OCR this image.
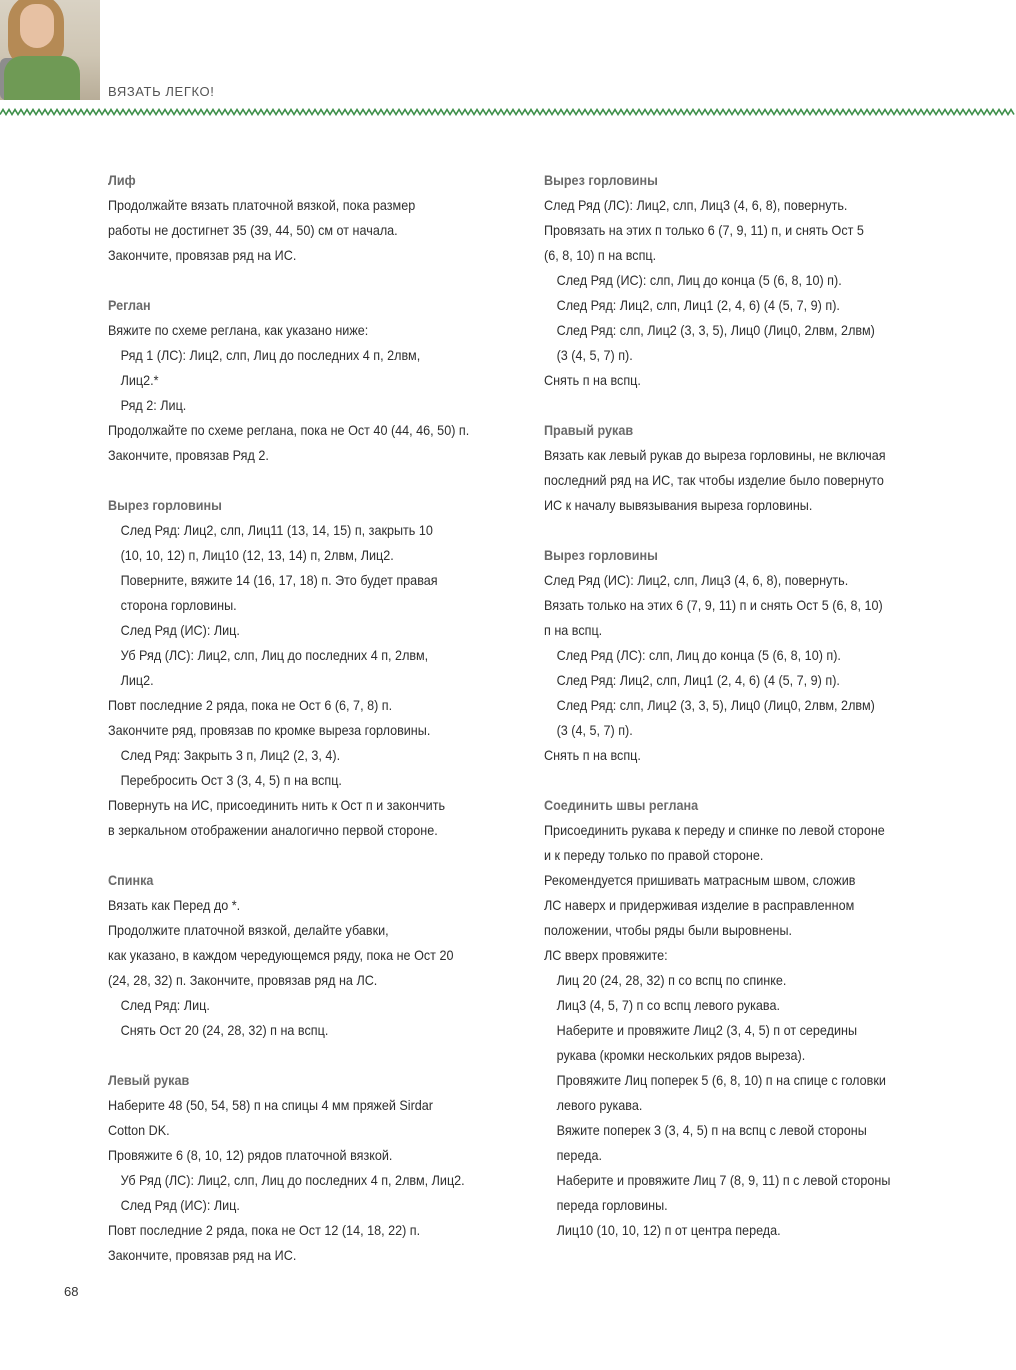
ВЯЗАТЬ ЛЕГКО!
Лиф
Продолжайте вязать платочной вязкой, пока размер
работы не достигнет 35 (39, 44, 50) см от начала.
Закончите, провязав ряд на ИС.
Реглан
Вяжите по схеме реглана, как указано ниже:
Ряд 1 (ЛС): Лиц2, слп, Лиц до последних 4 п, 2лвм,
Лиц2.*
Ряд 2: Лиц.
Продолжайте по схеме реглана, пока не Ост 40 (44, 46, 50) п.
Закончите, провязав Ряд 2.
Вырез горловины
След Ряд: Лиц2, слп, Лиц11 (13, 14, 15) п, закрыть 10
(10, 10, 12) п, Лиц10 (12, 13, 14) п, 2лвм, Лиц2.
Поверните, вяжите 14 (16, 17, 18) п. Это будет правая
сторона горловины.
След Ряд (ИС): Лиц.
Уб Ряд (ЛС): Лиц2, слп, Лиц до последних 4 п, 2лвм,
Лиц2.
Повт последние 2 ряда, пока не Ост 6 (6, 7, 8) п.
Закончите ряд, провязав по кромке выреза горловины.
След Ряд: Закрыть 3 п, Лиц2 (2, 3, 4).
Перебросить Ост 3 (3, 4, 5) п на вспц.
Повернуть на ИС, присоединить нить к Ост п и закончить
в зеркальном отображении аналогично первой стороне.
Спинка
Вязать как Перед до *.
Продолжите платочной вязкой, делайте убавки,
как указано, в каждом чередующемся ряду, пока не Ост 20
(24, 28, 32) п. Закончите, провязав ряд на ЛС.
След Ряд: Лиц.
Снять Ост 20 (24, 28, 32) п на вспц.
Левый рукав
Наберите 48 (50, 54, 58) п на спицы 4 мм пряжей Sirdar
Cotton DK.
Провяжите 6 (8, 10, 12) рядов платочной вязкой.
Уб Ряд (ЛС): Лиц2, слп, Лиц до последних 4 п, 2лвм, Лиц2.
След Ряд (ИС): Лиц.
Повт последние 2 ряда, пока не Ост 12 (14, 18, 22) п.
Закончите, провязав ряд на ИС.
Вырез горловины
След Ряд (ЛС): Лиц2, слп, Лиц3 (4, 6, 8), повернуть.
Провязать на этих п только 6 (7, 9, 11) п, и снять Ост 5
(6, 8, 10) п на вспц.
След Ряд (ИС): слп, Лиц до конца (5 (6, 8, 10) п).
След Ряд: Лиц2, слп, Лиц1 (2, 4, 6) (4 (5, 7, 9) п).
След Ряд: слп, Лиц2 (3, 3, 5), Лиц0 (Лиц0, 2лвм, 2лвм)
(3 (4, 5, 7) п).
Снять п на вспц.
Правый рукав
Вязать как левый рукав до выреза горловины, не включая
последний ряд на ИС, так чтобы изделие было повернуто
ИС к началу вывязывания выреза горловины.
Вырез горловины
След Ряд (ИС): Лиц2, слп, Лиц3 (4, 6, 8), повернуть.
Вязать только на этих 6 (7, 9, 11) п и снять Ост 5 (6, 8, 10)
п на вспц.
След Ряд (ЛС): слп, Лиц до конца (5 (6, 8, 10) п).
След Ряд: Лиц2, слп, Лиц1 (2, 4, 6) (4 (5, 7, 9) п).
След Ряд: слп, Лиц2 (3, 3, 5), Лиц0 (Лиц0, 2лвм, 2лвм)
(3 (4, 5, 7) п).
Снять п на вспц.
Соединить швы реглана
Присоединить рукава к переду и спинке по левой стороне
и к переду только по правой стороне.
Рекомендуется пришивать матрасным швом, сложив
ЛС наверх и придерживая изделие в расправленном
положении, чтобы ряды были выровнены.
ЛС вверх провяжите:
Лиц 20 (24, 28, 32) п со вспц по спинке.
Лиц3 (4, 5, 7) п со вспц левого рукава.
Наберите и провяжите Лиц2 (3, 4, 5) п от середины
рукава (кромки нескольких рядов выреза).
Провяжите Лиц поперек 5 (6, 8, 10) п на спице с головки
левого рукава.
Вяжите поперек 3 (3, 4, 5) п на вспц с левой стороны
переда.
Наберите и провяжите Лиц 7 (8, 9, 11) п с левой стороны
переда горловины.
Лиц10 (10, 10, 12) п от центра переда.
68
